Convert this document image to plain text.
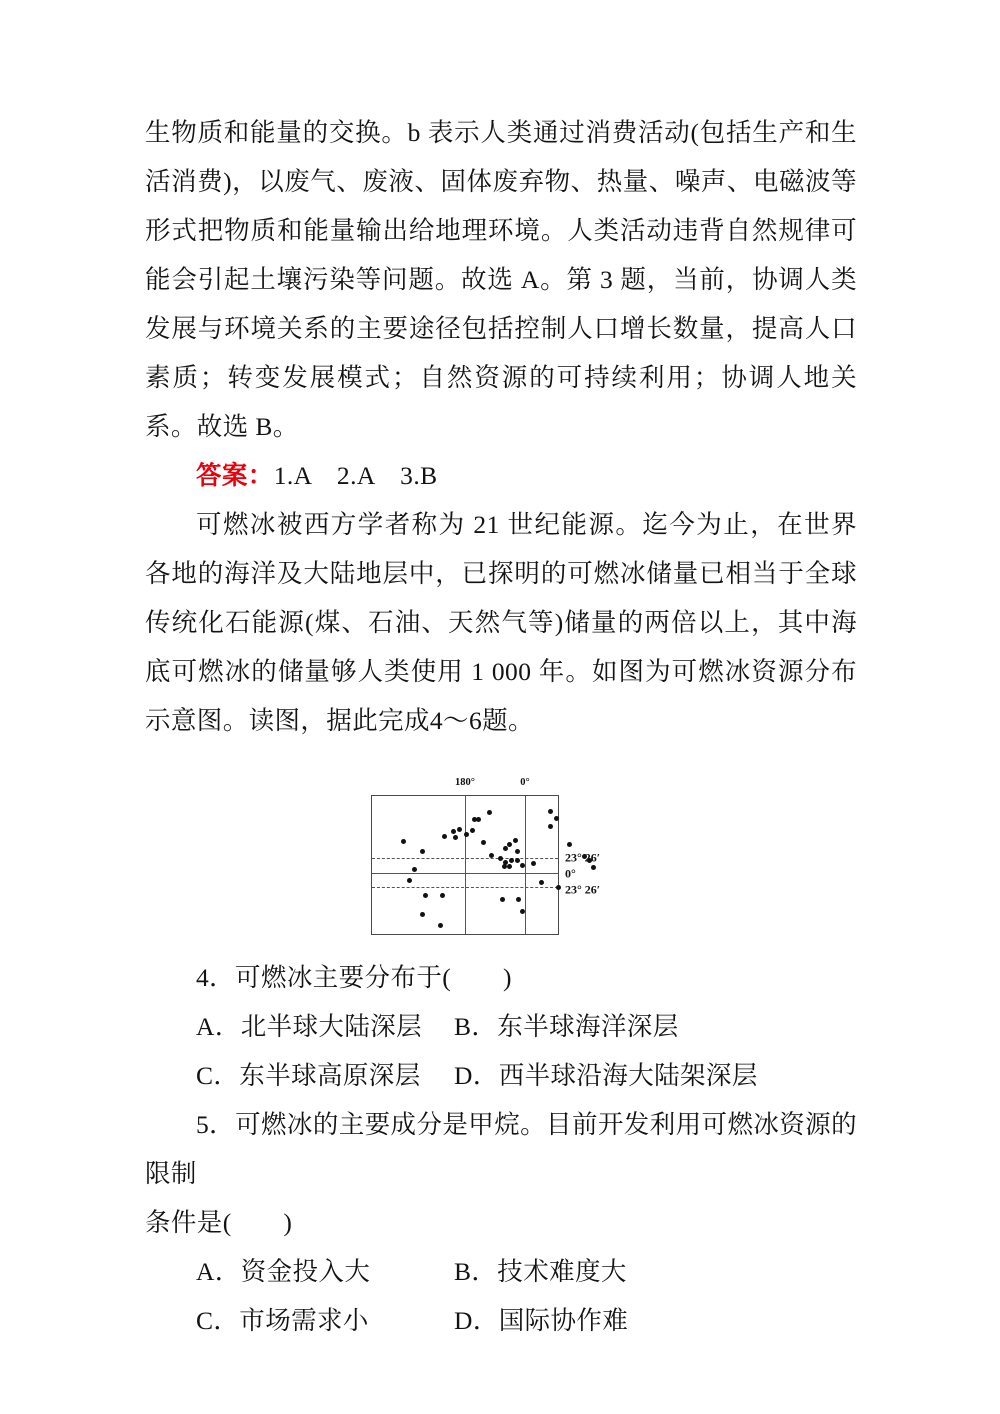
生物质和能量的交换。b 表示人类通过消费活动(包括生产和生活消费)，以废气、废液、固体废弃物、热量、噪声、电磁波等形式把物质和能量输出给地理环境。人类活动违背自然规律可能会引起土壤污染等问题。故选 A。第 3 题，当前，协调人类发展与环境关系的主要途径包括控制人口增长数量，提高人口素质；转变发展模式；自然资源的可持续利用；协调人地关系。故选 B。

答案：1.A　2.A　3.B

可燃冰被西方学者称为 21 世纪能源。迄今为止，在世界各地的海洋及大陆地层中，已探明的可燃冰储量已相当于全球传统化石能源(煤、石油、天然气等)储量的两倍以上，其中海底可燃冰的储量够人类使用 1 000 年。如图为可燃冰资源分布示意图。读图，据此完成4～6题。

180°	0°
23° 26′
0°
23° 26′

4．可燃冰主要分布于(　　)

A．北半球大陆深层	B．东半球海洋深层
C．东半球高原深层	D．西半球沿海大陆架深层

5．可燃冰的主要成分是甲烷。目前开发利用可燃冰资源的限制

条件是(　　)

A．资金投入大	B．技术难度大
C．市场需求小	D．国际协作难
